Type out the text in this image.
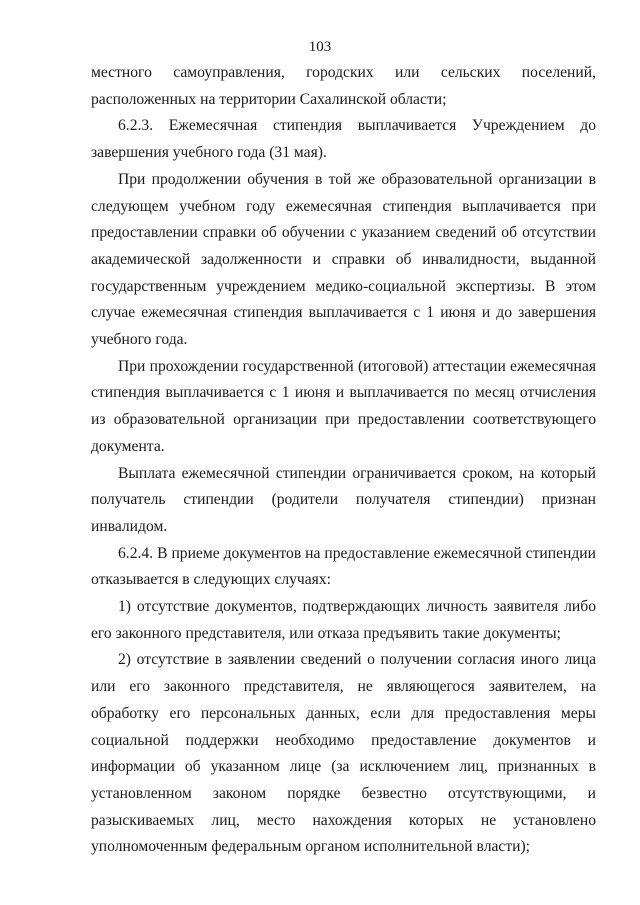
103

местного самоуправления, городских или сельских поселений, расположенных на территории Сахалинской области;

6.2.3. Ежемесячная стипендия выплачивается Учреждением до завершения учебного года (31 мая).

При продолжении обучения в той же образовательной организации в следующем учебном году ежемесячная стипендия выплачивается при предоставлении справки об обучении с указанием сведений об отсутствии академической задолженности и справки об инвалидности, выданной государственным учреждением медико-социальной экспертизы. В этом случае ежемесячная стипендия выплачивается с 1 июня и до завершения учебного года.

При прохождении государственной (итоговой) аттестации ежемесячная стипендия выплачивается с 1 июня и выплачивается по месяц отчисления из образовательной организации при предоставлении соответствующего документа.

Выплата ежемесячной стипендии ограничивается сроком, на который получатель стипендии (родители получателя стипендии) признан инвалидом.

6.2.4. В приеме документов на предоставление ежемесячной стипендии отказывается в следующих случаях:

1) отсутствие документов, подтверждающих личность заявителя либо его законного представителя, или отказа предъявить такие документы;

2) отсутствие в заявлении сведений о получении согласия иного лица или его законного представителя, не являющегося заявителем, на обработку его персональных данных, если для предоставления меры социальной поддержки необходимо предоставление документов и информации об указанном лице (за исключением лиц, признанных в установленном законом порядке безвестно отсутствующими, и разыскиваемых лиц, место нахождения которых не установлено уполномоченным федеральным органом исполнительной власти);
